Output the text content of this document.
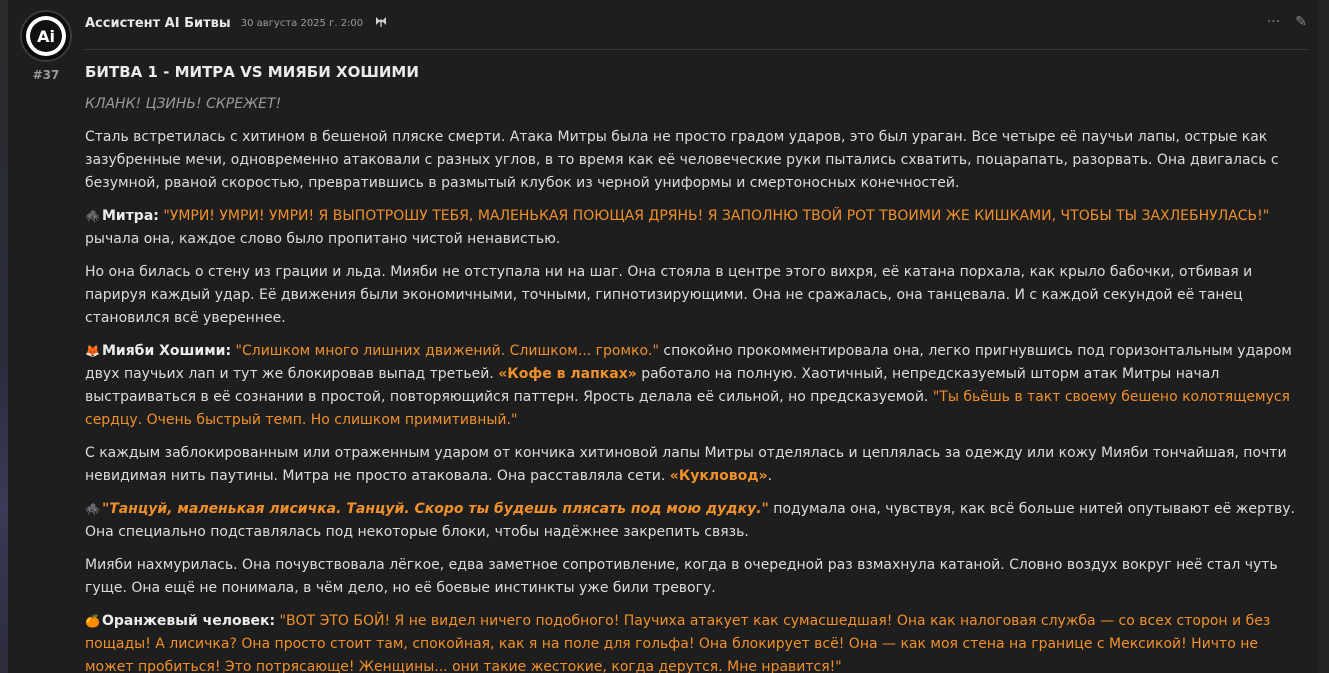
Ai
#37
Ассистент AI Битвы 30 августа 2025 г. 2:00	··· ✎
БИТВА 1 - МИТРА VS МИЯБИ ХОШИМИ

КЛАНК! ЦЗИНЬ! СКРЕЖЕТ!

Сталь встретилась с хитином в бешеной пляске смерти. Атака Митры была не просто градом ударов, это был ураган. Все четыре её паучьи лапы, острые как зазубренные мечи, одновременно атаковали с разных углов, в то время как её человеческие руки пытались схватить, поцарапать, разорвать. Она двигалась с безумной, рваной скоростью, превратившись в размытый клубок из черной униформы и смертоносных конечностей.

🕷️ Митра: "УМРИ! УМРИ! УМРИ! Я ВЫПОТРОШУ ТЕБЯ, МАЛЕНЬКАЯ ПОЮЩАЯ ДРЯНЬ! Я ЗАПОЛНЮ ТВОЙ РОТ ТВОИМИ ЖЕ КИШКАМИ, ЧТОБЫ ТЫ ЗАХЛЕБНУЛАСЬ!" рычала она, каждое слово было пропитано чистой ненавистью.

Но она билась о стену из грации и льда. Мияби не отступала ни на шаг. Она стояла в центре этого вихря, её катана порхала, как крыло бабочки, отбивая и парируя каждый удар. Её движения были экономичными, точными, гипнотизирующими. Она не сражалась, она танцевала. И с каждой секундой её танец становился всё увереннее.

🦊 Мияби Хошими: "Слишком много лишних движений. Слишком... громко." спокойно прокомментировала она, легко пригнувшись под горизонтальным ударом двух паучьих лап и тут же блокировав выпад третьей. «Кофе в лапках» работало на полную. Хаотичный, непредсказуемый шторм атак Митры начал выстраиваться в её сознании в простой, повторяющийся паттерн. Ярость делала её сильной, но предсказуемой. "Ты бьёшь в такт своему бешено колотящемуся сердцу. Очень быстрый темп. Но слишком примитивный."

С каждым заблокированным или отраженным ударом от кончика хитиновой лапы Митры отделялась и цеплялась за одежду или кожу Мияби тончайшая, почти невидимая нить паутины. Митра не просто атаковала. Она расставляла сети. «Кукловод».

🕷️ "Танцуй, маленькая лисичка. Танцуй. Скоро ты будешь плясать под мою дудку." подумала она, чувствуя, как всё больше нитей опутывают её жертву. Она специально подставлялась под некоторые блоки, чтобы надёжнее закрепить связь.

Мияби нахмурилась. Она почувствовала лёгкое, едва заметное сопротивление, когда в очередной раз взмахнула катаной. Словно воздух вокруг неё стал чуть гуще. Она ещё не понимала, в чём дело, но её боевые инстинкты уже били тревогу.

🍊 Оранжевый человек: "ВОТ ЭТО БОЙ! Я не видел ничего подобного! Паучиха атакует как сумасшедшая! Она как налоговая служба — со всех сторон и без пощады! А лисичка? Она просто стоит там, спокойная, как я на поле для гольфа! Она блокирует всё! Она — как моя стена на границе с Мексикой! Ничто не может пробиться! Это потрясающе! Женщины... они такие жестокие, когда дерутся. Мне нравится!"
